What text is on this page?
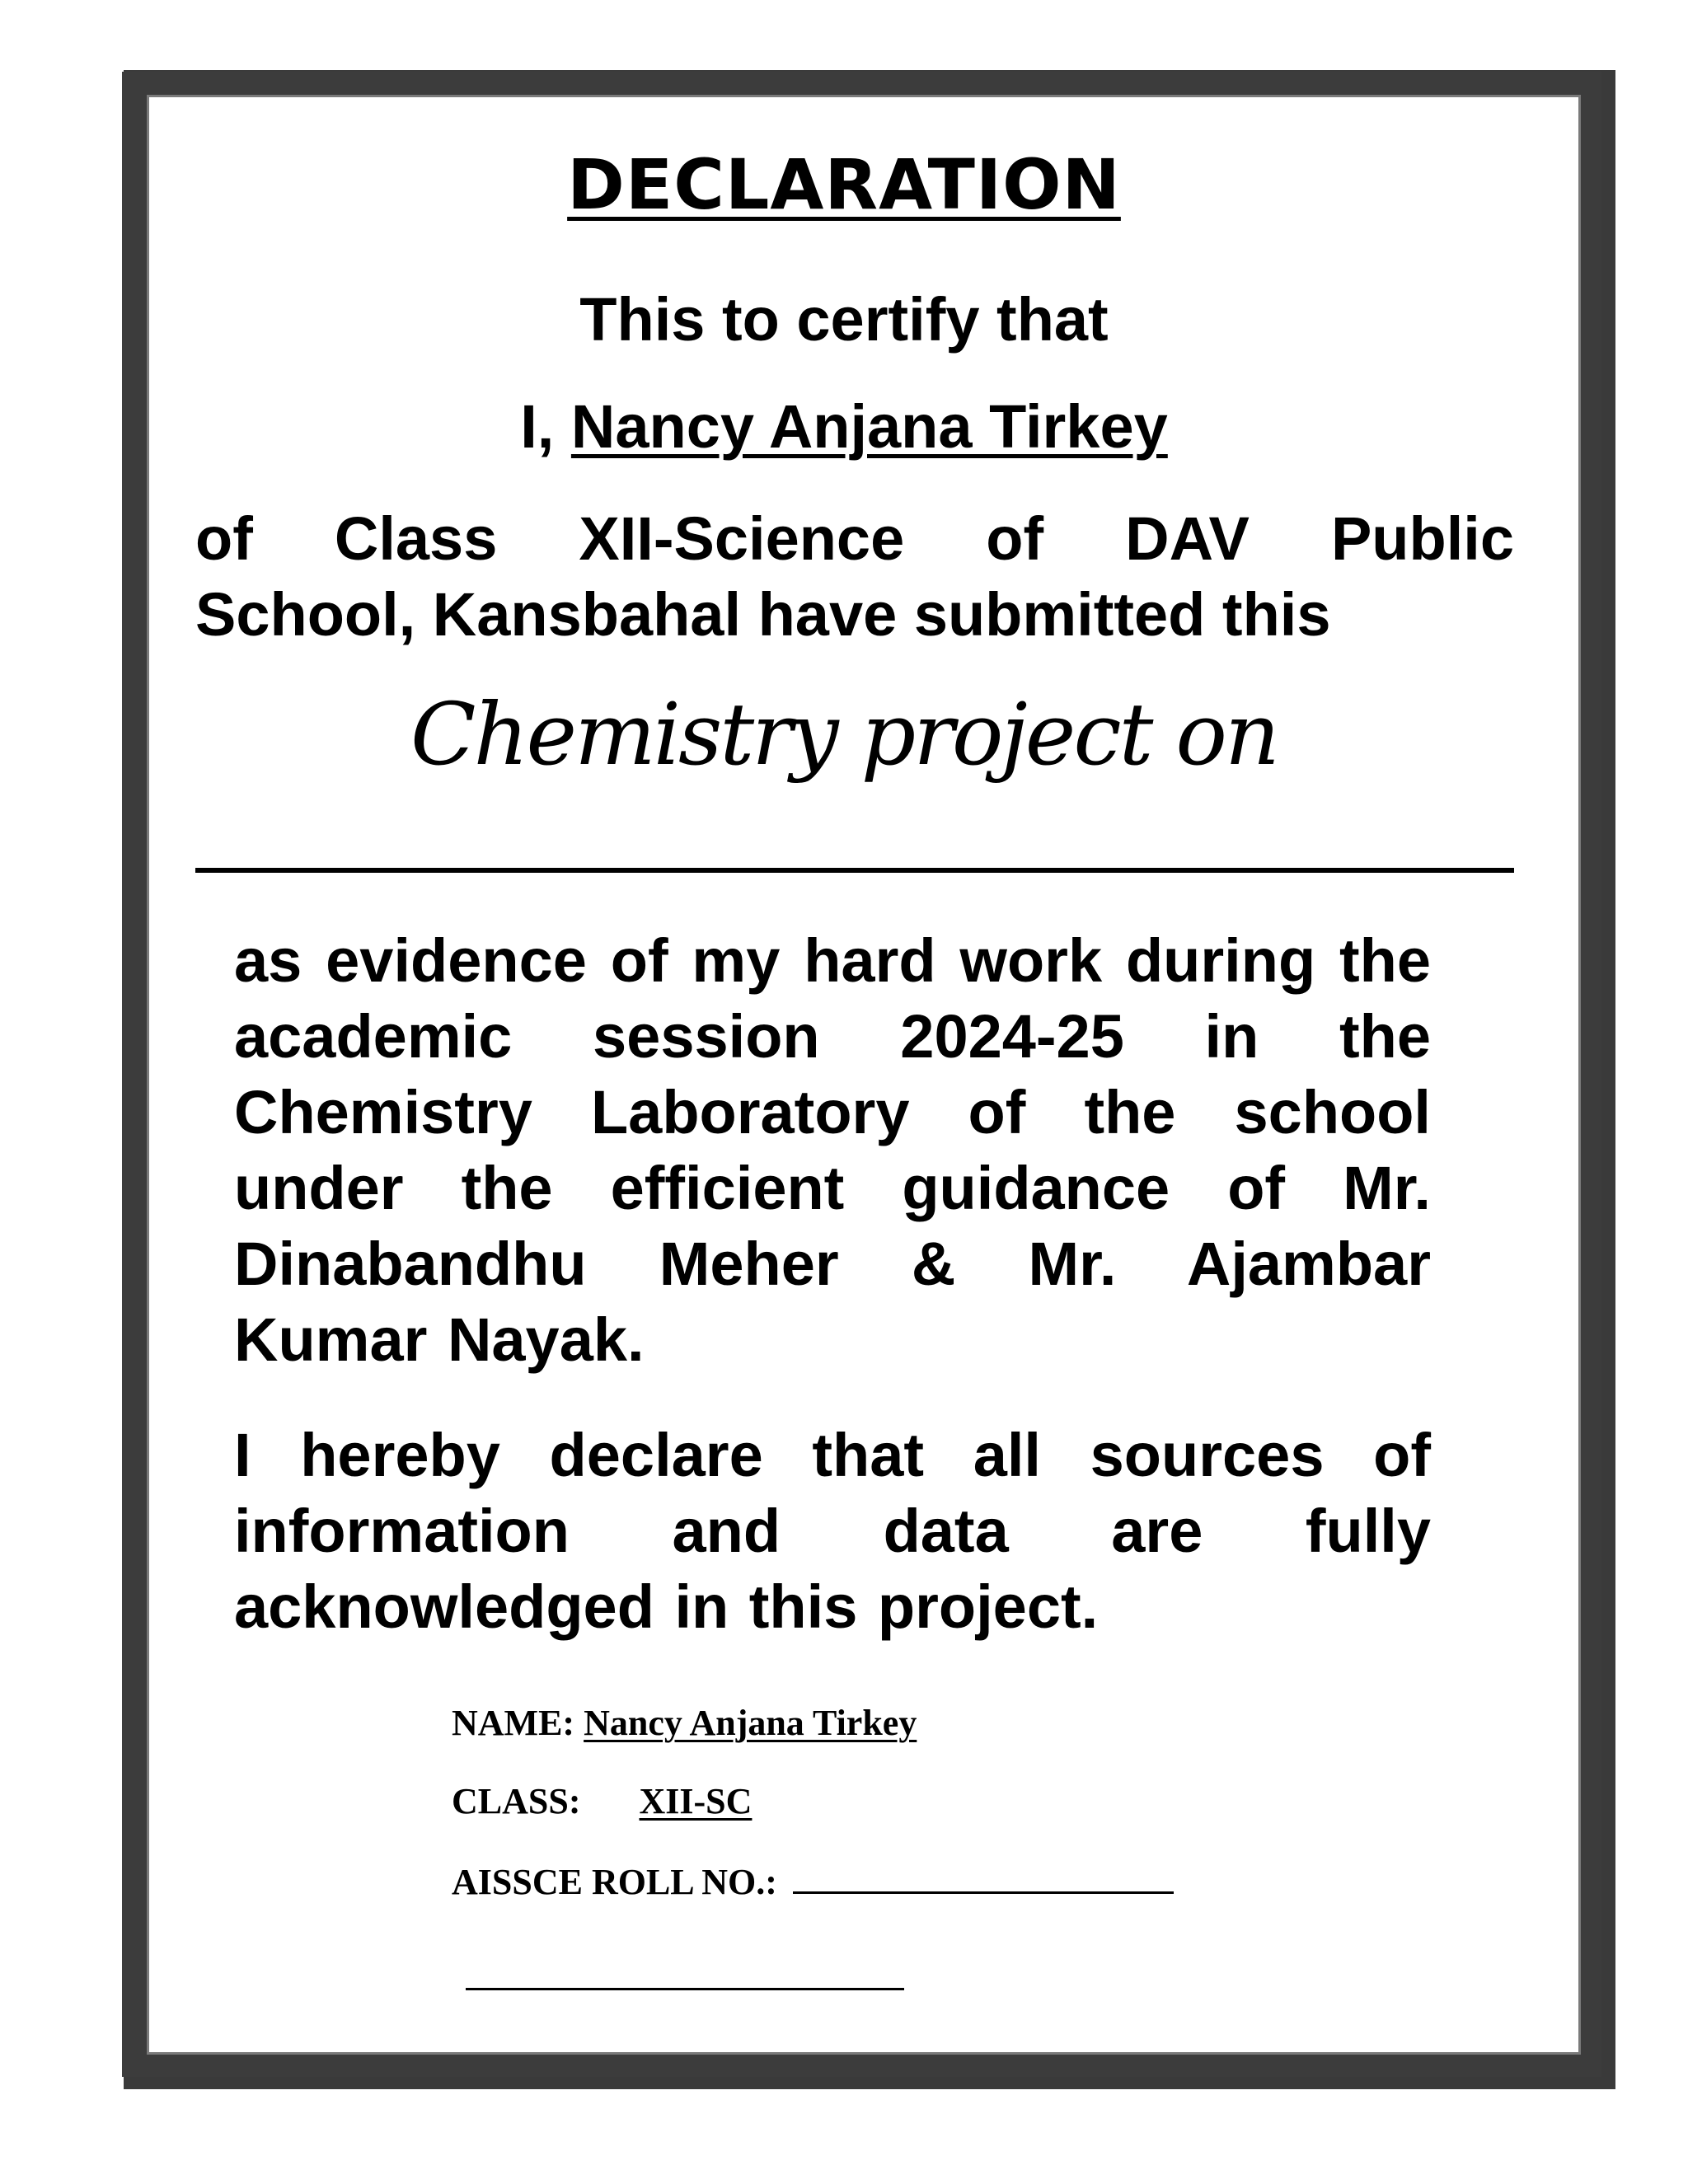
DECLARATION
This to certify that
I, Nancy Anjana Tirkey
of Class XII-Science of DAV Public
School, Kansbahal have submitted this
Chemistry project on
as evidence of my hard work during the academic session 2024-25 in the Chemistry Laboratory of the school under the efficient guidance of Mr. Dinabandhu Meher & Mr. Ajambar Kumar Nayak.
I hereby declare that all sources of information and data are fully acknowledged in this project.
NAME: Nancy Anjana Tirkey
CLASS: XII-SC
AISSCE ROLL NO.:
